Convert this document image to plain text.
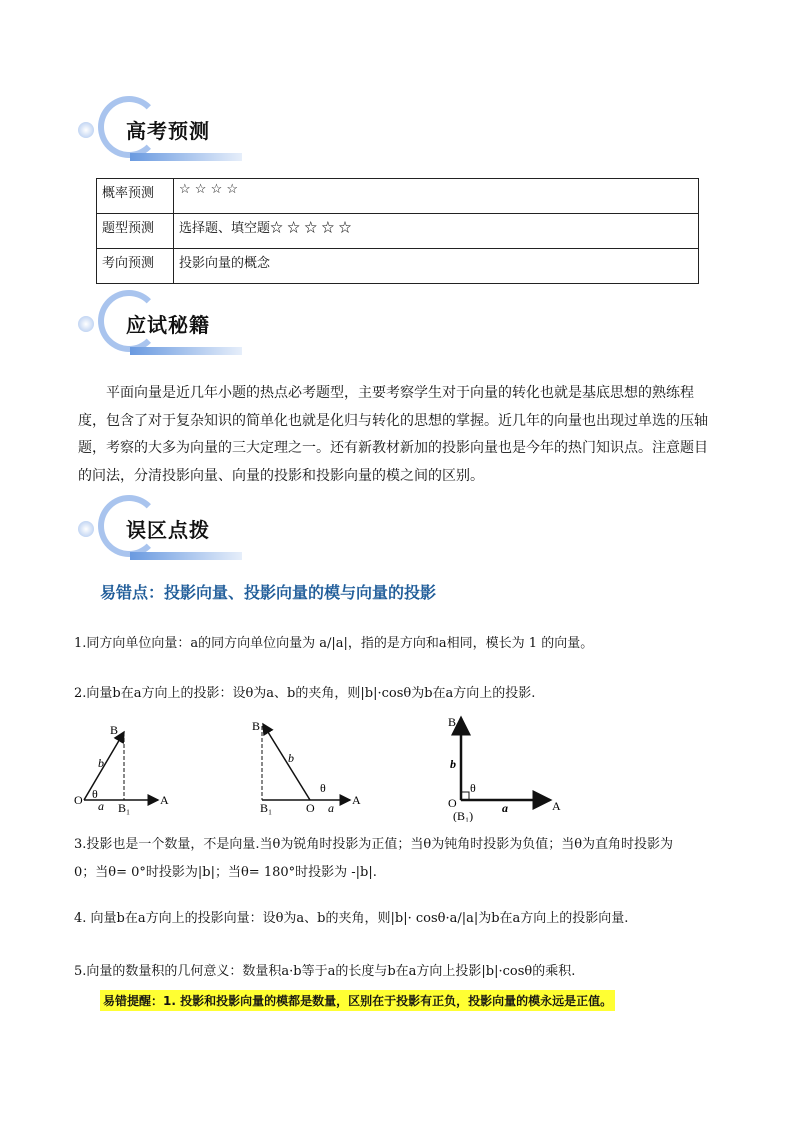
高考预测
概率预测	☆ ☆ ☆ ☆
题型预测	选择题、填空题☆ ☆ ☆ ☆ ☆
考向预测	投影向量的概念
应试秘籍
平面向量是近几年小题的热点必考题型，主要考察学生对于向量的转化也就是基底思想的熟练程度，包含了对于复杂知识的简单化也就是化归与转化的思想的掌握。近几年的向量也出现过单选的压轴题，考察的大多为向量的三大定理之一。还有新教材新加的投影向量也是今年的热门知识点。注意题目的问法，分清投影向量、向量的投影和投影向量的模之间的区别。
误区点拨
易错点：投影向量、投影向量的模与向量的投影
1.同方向单位向量：a的同方向单位向量为 a/|a|，指的是方向和a相同，模长为 1 的向量。
2.向量b在a方向上的投影：设θ为a、b的夹角，则|b|·cosθ为b在a方向上的投影.
O	A
B
B₁
a
b
θ
B
B₁	O a
b
θ
A
B
O
(B₁)
b
θ
a	A
3.投影也是一个数量，不是向量.当θ为锐角时投影为正值；当θ为钝角时投影为负值；当θ为直角时投影为
0；当θ= 0°时投影为|b|；当θ= 180°时投影为 -|b|.
4. 向量b在a方向上的投影向量：设θ为a、b的夹角，则|b|· cosθ·a/|a|为b在a方向上的投影向量.
5.向量的数量积的几何意义：数量积a·b等于a的长度与b在a方向上投影|b|·cosθ的乘积.
易错提醒：1. 投影和投影向量的模都是数量，区别在于投影有正负，投影向量的模永远是正值。
